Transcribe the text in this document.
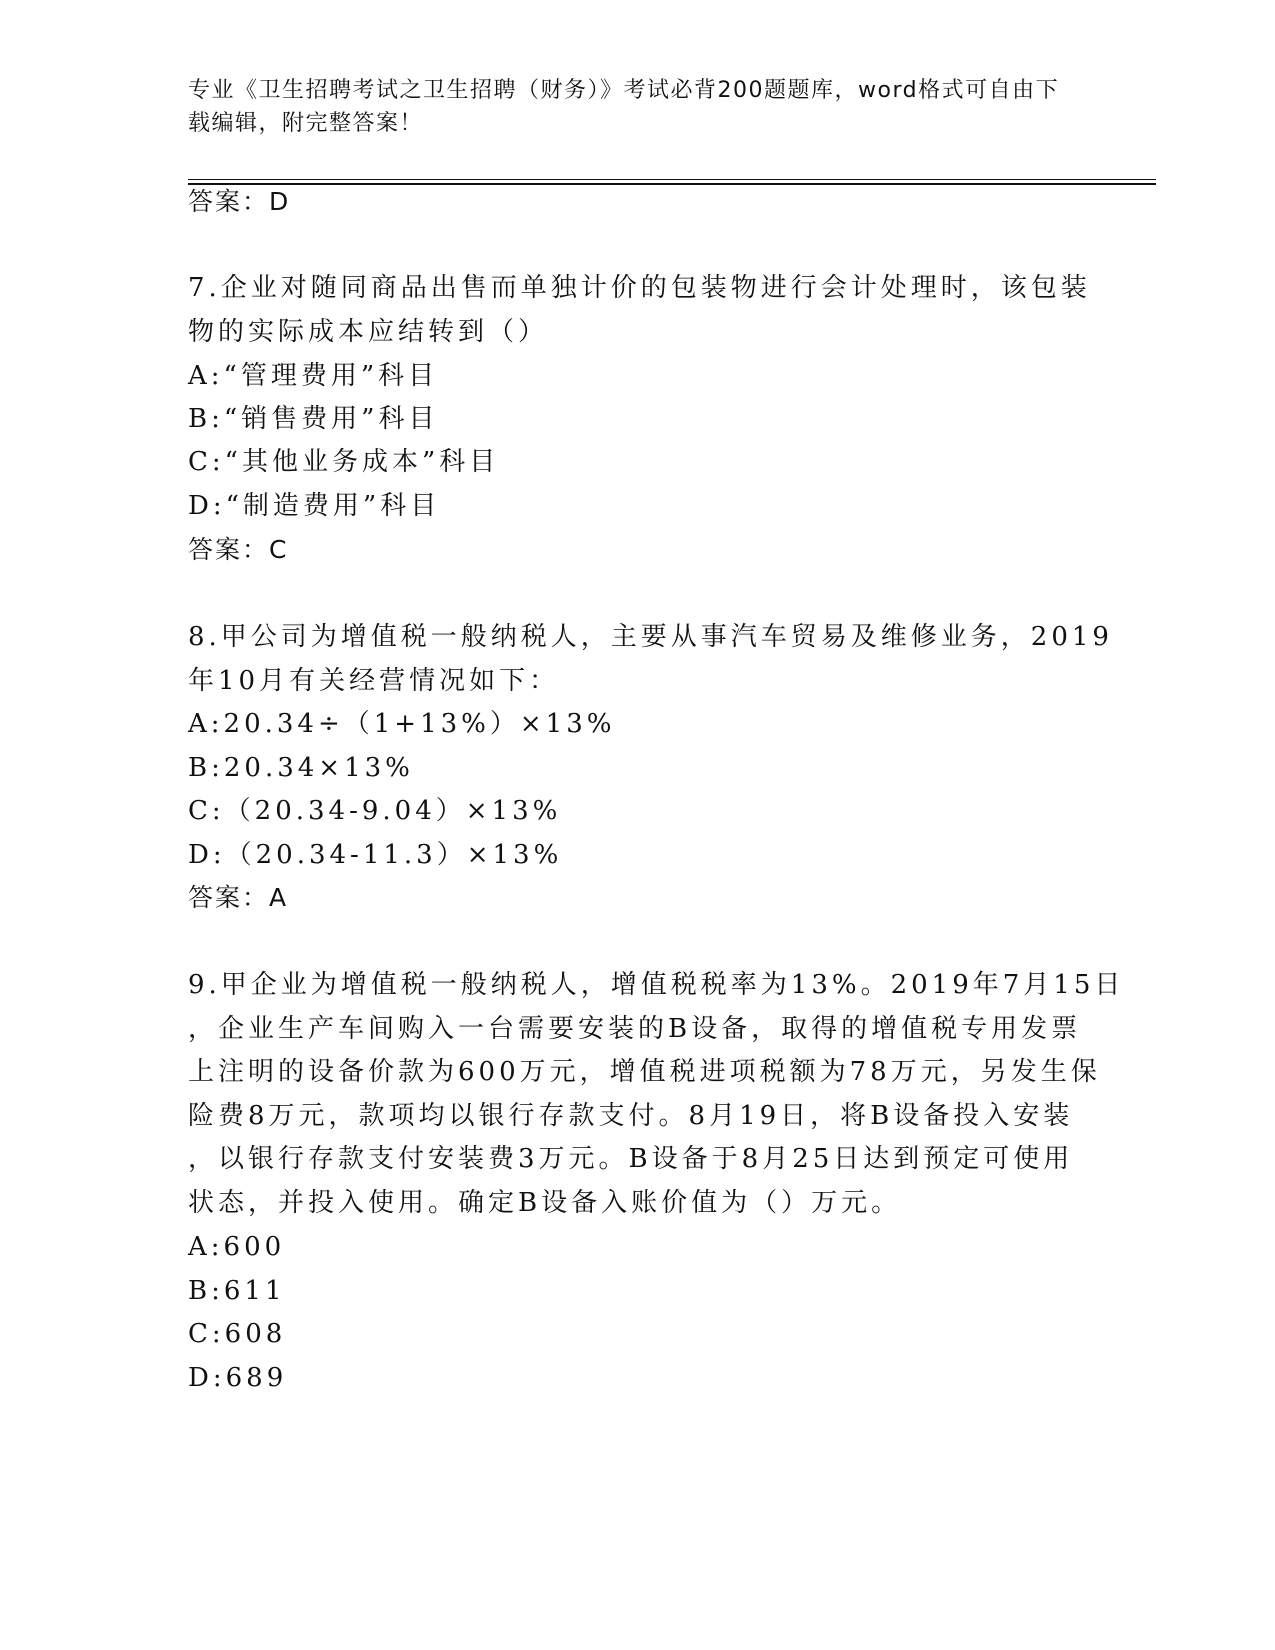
专业《卫生招聘考试之卫生招聘（财务）》考试必背200题题库，word格式可自由下载编辑，附完整答案！
答案：D
7.企业对随同商品出售而单独计价的包装物进行会计处理时，该包装
物的实际成本应结转到（）
A:“管理费用”科目
B:“销售费用”科目
C:“其他业务成本”科目
D:“制造费用”科目
答案：C
8.甲公司为增值税一般纳税人，主要从事汽车贸易及维修业务，2019
年10月有关经营情况如下：
A:20.34÷（1+13%）×13%
B:20.34×13%
C:（20.34-9.04）×13%
D:（20.34-11.3）×13%
答案：A
9.甲企业为增值税一般纳税人，增值税税率为13%。2019年7月15日
，企业生产车间购入一台需要安装的B设备，取得的增值税专用发票
上注明的设备价款为600万元，增值税进项税额为78万元，另发生保
险费8万元，款项均以银行存款支付。8月19日，将B设备投入安装
，以银行存款支付安装费3万元。B设备于8月25日达到预定可使用
状态，并投入使用。确定B设备入账价值为（）万元。
A:600
B:611
C:608
D:689
